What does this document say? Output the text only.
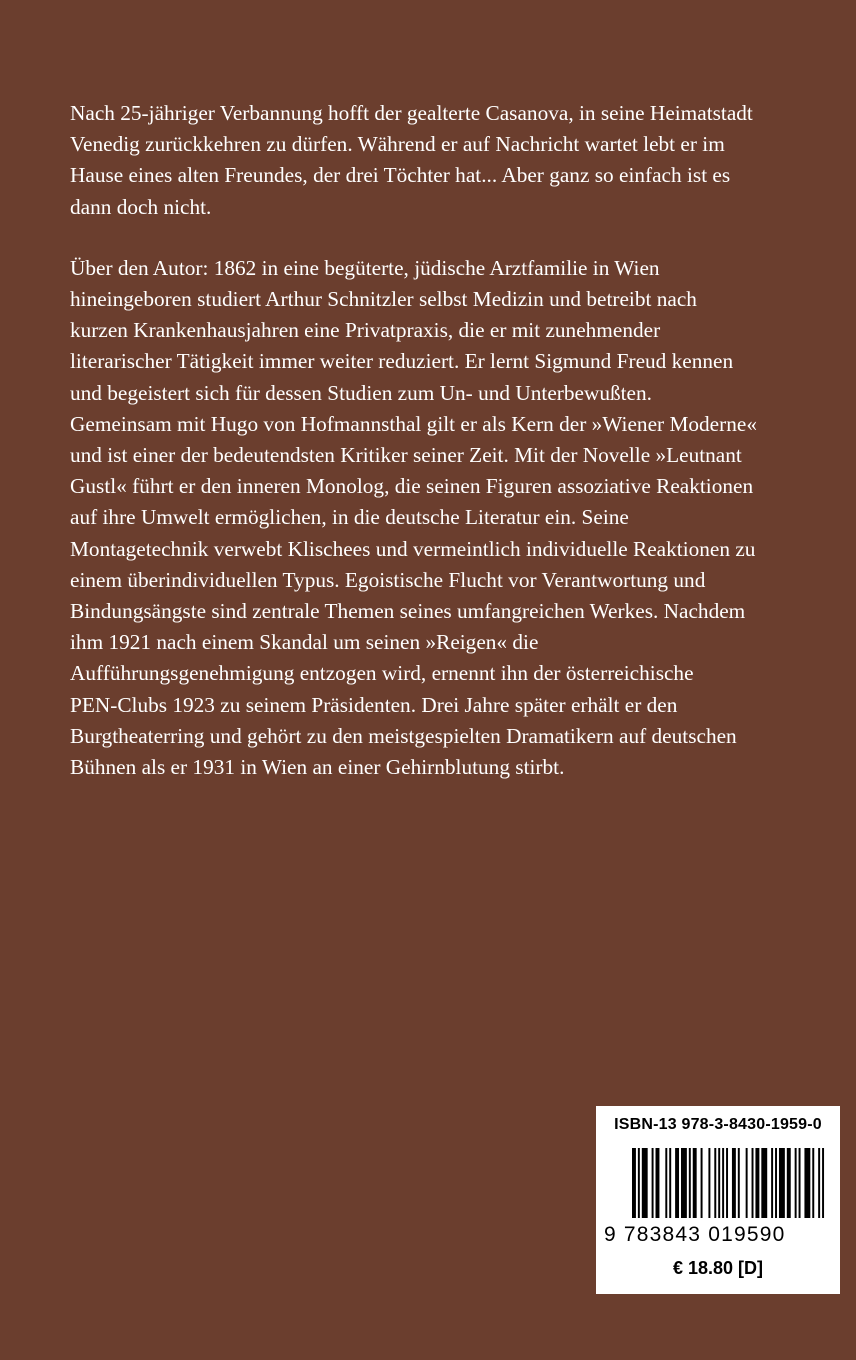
Nach 25-jähriger Verbannung hofft der gealterte Casanova, in seine Heimatstadt
Venedig zurückkehren zu dürfen. Während er auf Nachricht wartet lebt er im
Hause eines alten Freundes, der drei Töchter hat... Aber ganz so einfach ist es
dann doch nicht.

Über den Autor: 1862 in eine begüterte, jüdische Arztfamilie in Wien
hineingeboren studiert Arthur Schnitzler selbst Medizin und betreibt nach
kurzen Krankenhausjahren eine Privatpraxis, die er mit zunehmender
literarischer Tätigkeit immer weiter reduziert. Er lernt Sigmund Freud kennen
und begeistert sich für dessen Studien zum Un- und Unterbewußten.
Gemeinsam mit Hugo von Hofmannsthal gilt er als Kern der »Wiener Moderne«
und ist einer der bedeutendsten Kritiker seiner Zeit. Mit der Novelle »Leutnant
Gustl« führt er den inneren Monolog, die seinen Figuren assoziative Reaktionen
auf ihre Umwelt ermöglichen, in die deutsche Literatur ein. Seine
Montagetechnik verwebt Klischees und vermeintlich individuelle Reaktionen zu
einem überindividuellen Typus. Egoistische Flucht vor Verantwortung und
Bindungsängste sind zentrale Themen seines umfangreichen Werkes. Nachdem
ihm 1921 nach einem Skandal um seinen »Reigen« die
Aufführungsgenehmigung entzogen wird, ernennt ihn der österreichische
PEN-Clubs 1923 zu seinem Präsidenten. Drei Jahre später erhält er den
Burgtheaterring und gehört zu den meistgespielten Dramatikern auf deutschen
Bühnen als er 1931 in Wien an einer Gehirnblutung stirbt.

ISBN-13 978-3-8430-1959-0
9 783843 019590
€ 18.80 [D]
